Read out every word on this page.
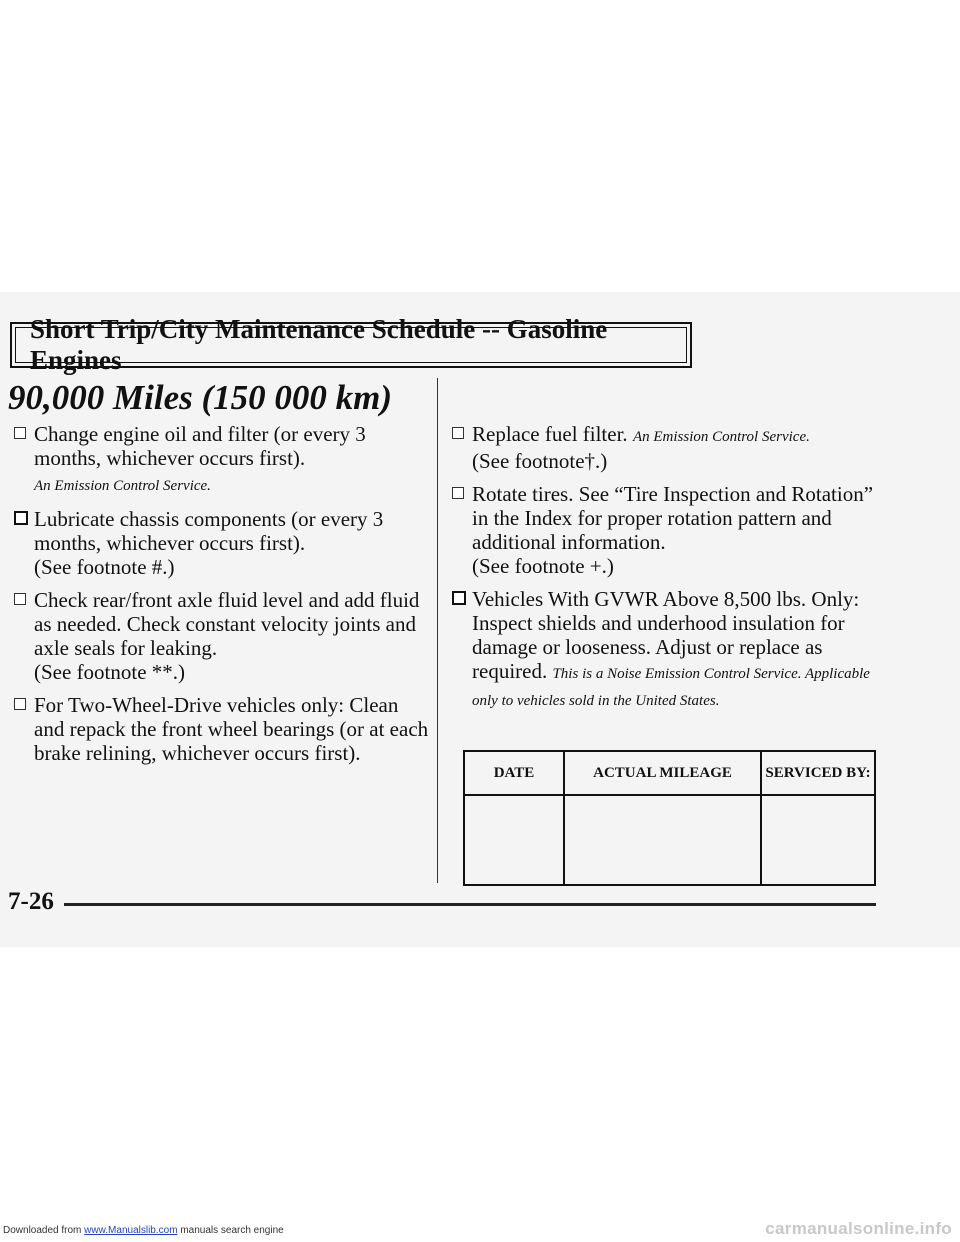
Short Trip/City Maintenance Schedule -- Gasoline Engines
90,000 Miles (150 000 km)
Change engine oil and filter (or every 3 months, whichever occurs first).
An Emission Control Service.
Lubricate chassis components (or every 3 months, whichever occurs first).
(See footnote #.)
Check rear/front axle fluid level and add fluid as needed. Check constant velocity joints and axle seals for leaking.
(See footnote **.)
For Two-Wheel-Drive vehicles only: Clean and repack the front wheel bearings (or at each brake relining, whichever occurs first).
Replace fuel filter. An Emission Control Service.
(See footnote†.)
Rotate tires. See “Tire Inspection and Rotation” in the Index for proper rotation pattern and additional information.
(See footnote +.)
Vehicles With GVWR Above 8,500 lbs. Only: Inspect shields and underhood insulation for damage or looseness. Adjust or replace as required. This is a Noise Emission Control Service. Applicable only to vehicles sold in the United States.
DATE	ACTUAL MILEAGE	SERVICED BY:

7-26
Downloaded from www.Manualslib.com manuals search engine	carmanualsonline.info
